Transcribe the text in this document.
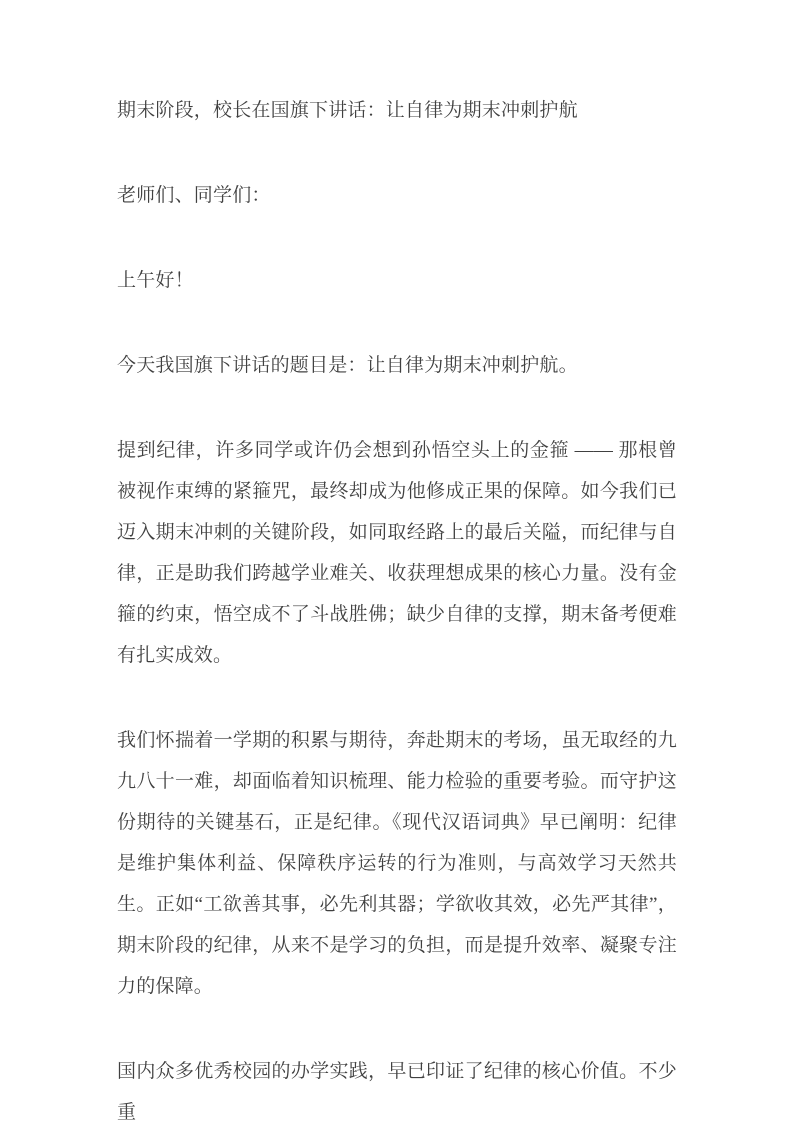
期末阶段，校长在国旗下讲话：让自律为期末冲刺护航

老师们、同学们：

上午好！

今天我国旗下讲话的题目是：让自律为期末冲刺护航。

提到纪律，许多同学或许仍会想到孙悟空头上的金箍 —— 那根曾被视作束缚的紧箍咒，最终却成为他修成正果的保障。如今我们已迈入期末冲刺的关键阶段，如同取经路上的最后关隘，而纪律与自律，正是助我们跨越学业难关、收获理想成果的核心力量。没有金箍的约束，悟空成不了斗战胜佛；缺少自律的支撑，期末备考便难有扎实成效。

我们怀揣着一学期的积累与期待，奔赴期末的考场，虽无取经的九九八十一难，却面临着知识梳理、能力检验的重要考验。而守护这份期待的关键基石，正是纪律。《现代汉语词典》早已阐明：纪律是维护集体利益、保障秩序运转的行为准则，与高效学习天然共生。正如“工欲善其事，必先利其器；学欲收其效，必先严其律”，期末阶段的纪律，从来不是学习的负担，而是提升效率、凝聚专注力的保障。

国内众多优秀校园的办学实践，早已印证了纪律的核心价值。不少重
